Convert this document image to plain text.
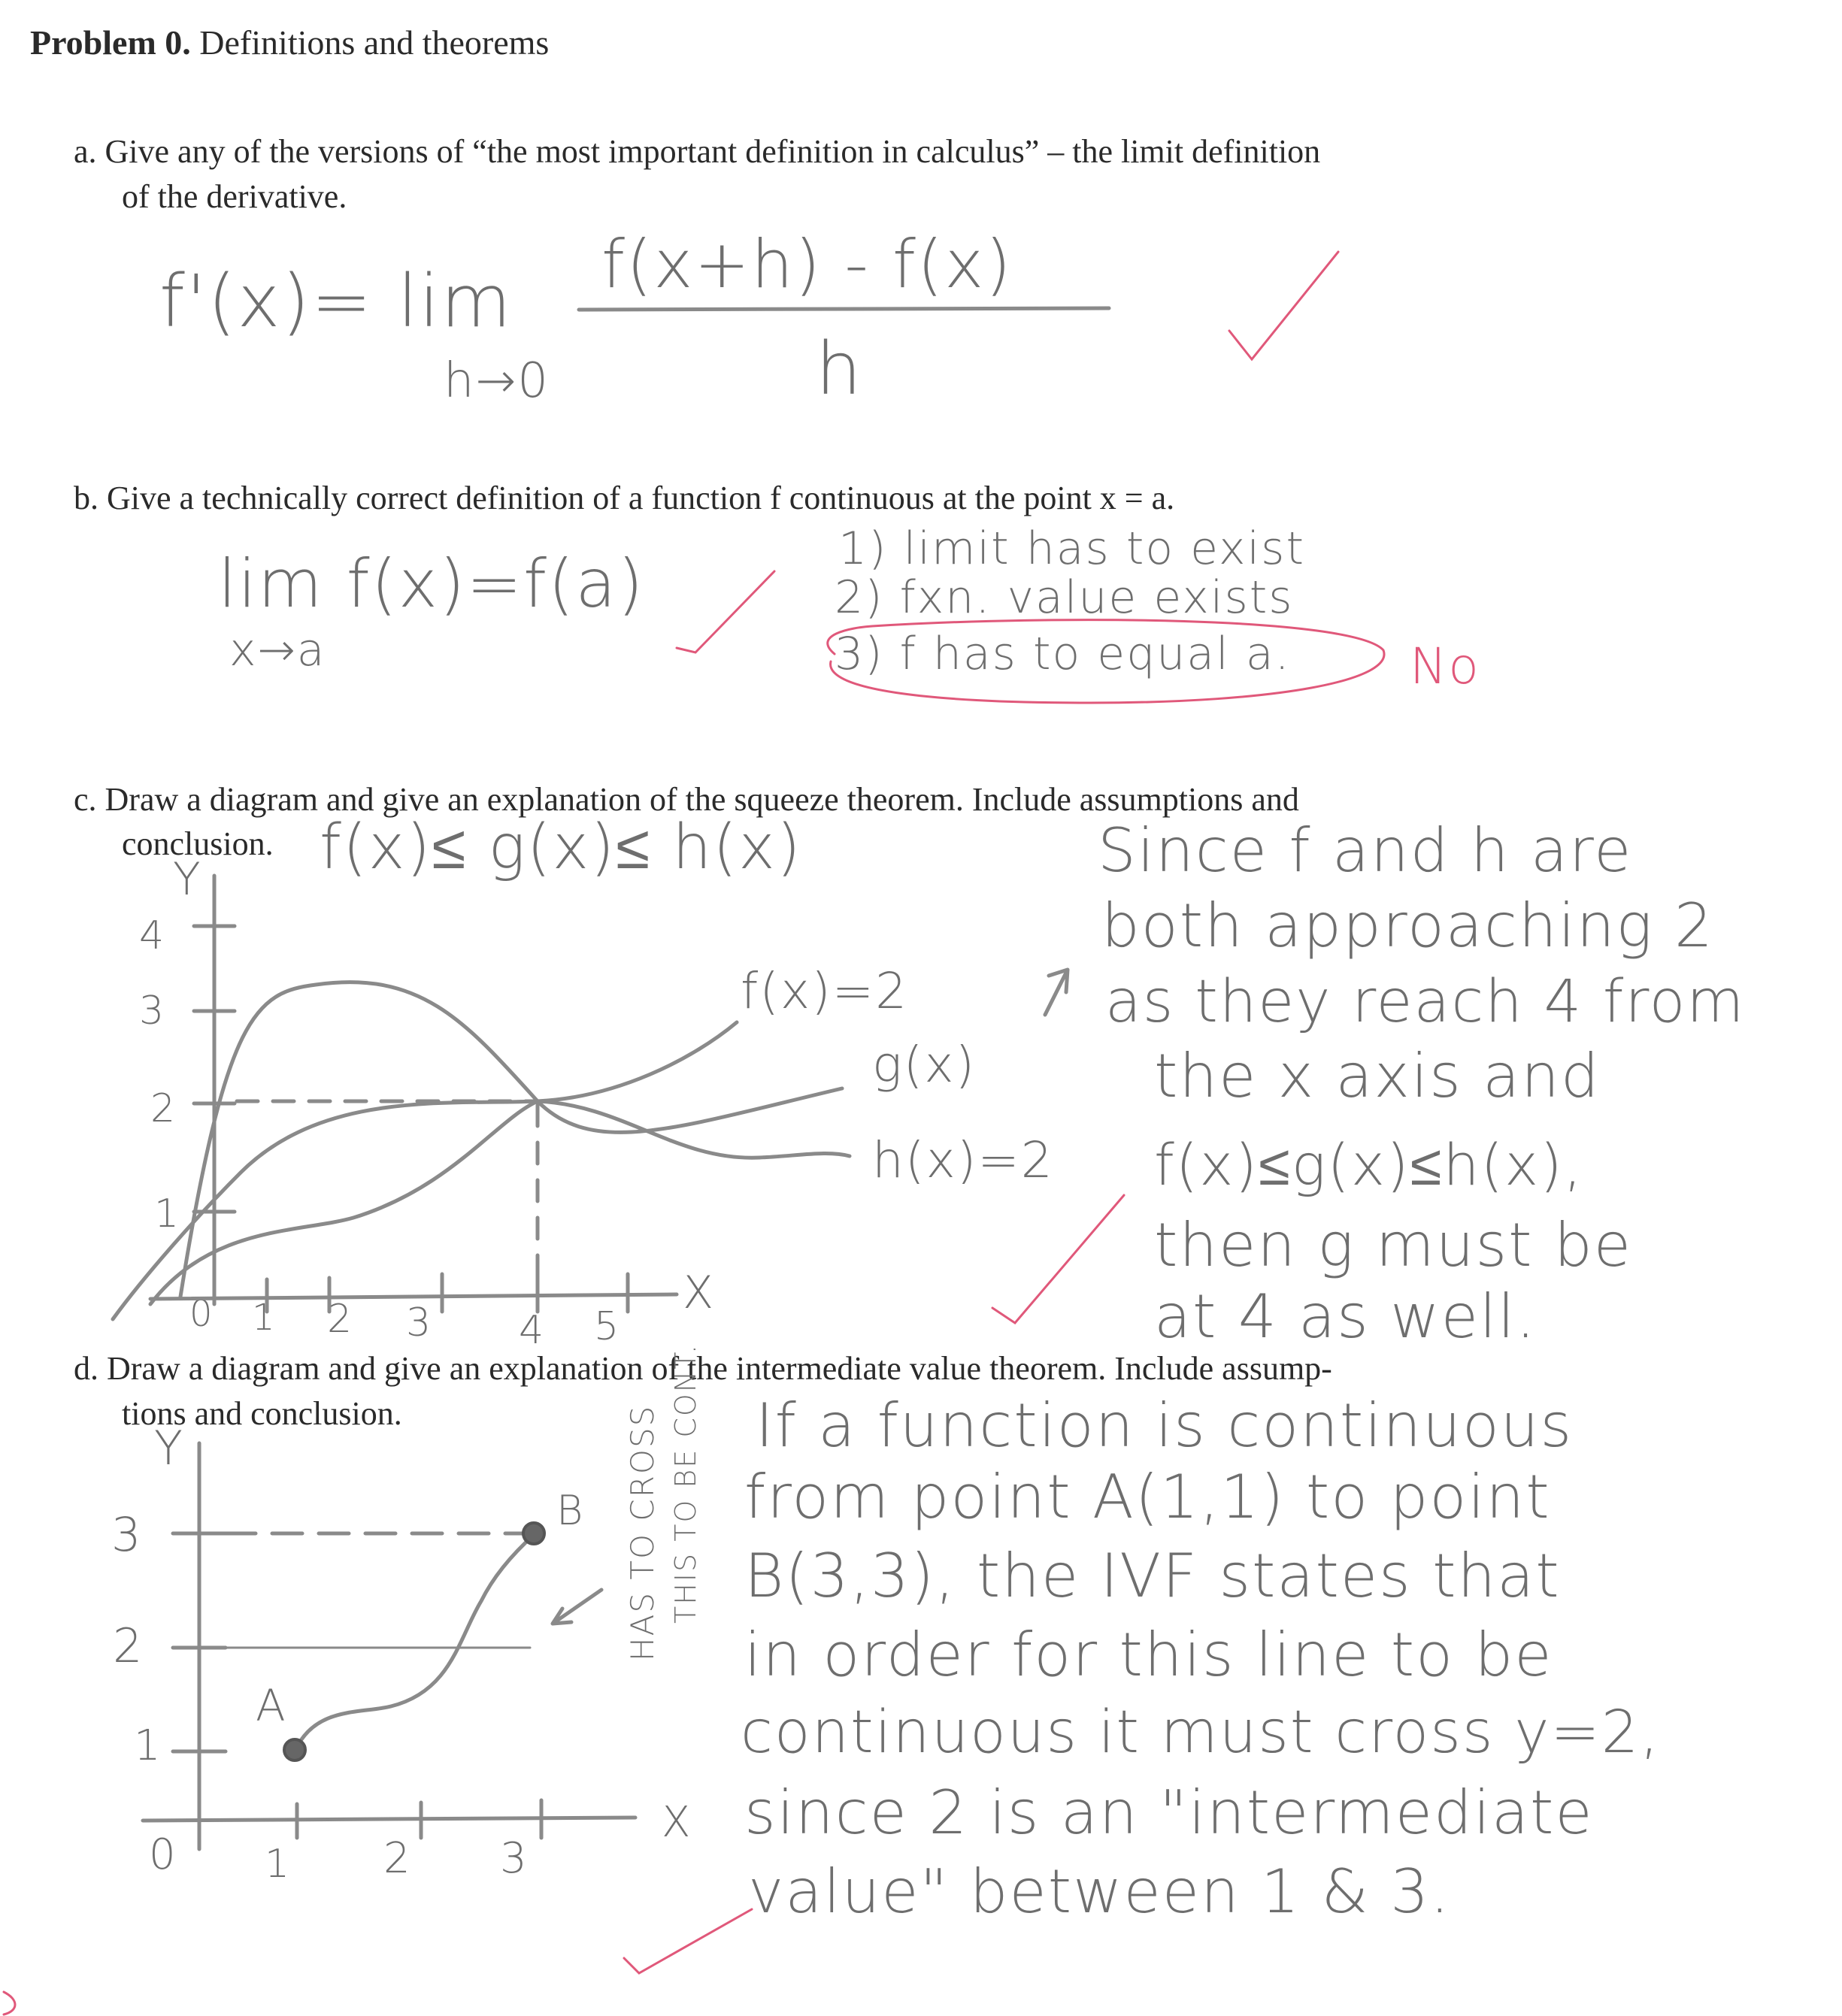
Problem 0. Definitions and theorems
a. Give any of the versions of “the most important definition in calculus” – the limit definition
of the derivative.
f'(x)= lim
h→0
f(x+h) - f(x)
h
b. Give a technically correct definition of a function f continuous at the point x = a.
lim f(x)=f(a)
x→a
1) limit has to exist
2) fxn. value exists
3) f has to equal a. No
c. Draw a diagram and give an explanation of the squeeze theorem. Include assumptions and
conclusion. f(x)≤ g(x)≤ h(x)
Y
X
4
3
2
1
0 1 2 3 4 5
f(x)=2
g(x)
h(x)=2
Since f and h are
both approaching 2
as they reach 4 from
the x axis and
f(x)≤g(x)≤h(x),
then g must be
at 4 as well.
d. Draw a diagram and give an explanation of the intermediate value theorem. Include assump-
tions and conclusion.
Y
X
3
2
1
0 1 2 3
A
B HAS TO CROSS THIS TO BE CONT. If a function is continuous
from point A(1,1) to point
B(3,3), the IVF states that
in order for this line to be
continuous it must cross y=2,
since 2 is an "intermediate
value" between 1 & 3.
